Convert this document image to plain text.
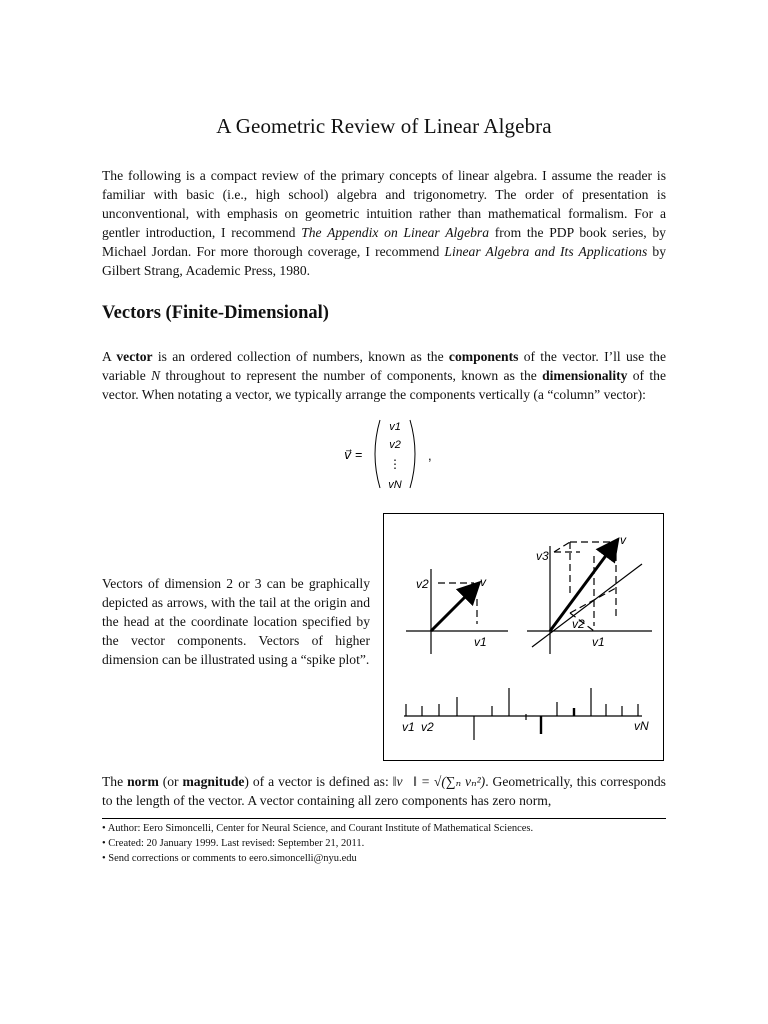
A Geometric Review of Linear Algebra

The following is a compact review of the primary concepts of linear algebra. I assume the reader is familiar with basic (i.e., high school) algebra and trigonometry. The order of presentation is unconventional, with emphasis on geometric intuition rather than mathematical formalism. For a gentler introduction, I recommend The Appendix on Linear Algebra from the PDP book series, by Michael Jordan. For more thorough coverage, I recommend Linear Algebra and Its Applications by Gilbert Strang, Academic Press, 1980.

Vectors (Finite-Dimensional)

A vector is an ordered collection of numbers, known as the components of the vector. I’ll use the variable N throughout to represent the number of components, known as the dimensionality of the vector. When notating a vector, we typically arrange the components vertically (a “column” vector):

v⃗ =
v1
v2
⋮
vN
,

Vectors of dimension 2 or 3 can be graphically depicted as arrows, with the tail at the origin and the head at the coordinate location specified by the vector components. Vectors of higher dimension can be illustrated using a “spike plot”.

v2	v
v1
v3
v
v2
v1
v1 v2	vN

The norm (or magnitude) of a vector is defined as: ‖v⃗‖ = √(∑ₙ vₙ²). Geometrically, this corresponds to the length of the vector. A vector containing all zero components has zero norm,

• Author: Eero Simoncelli, Center for Neural Science, and Courant Institute of Mathematical Sciences.
• Created: 20 January 1999. Last revised: September 21, 2011.
• Send corrections or comments to eero.simoncelli@nyu.edu
